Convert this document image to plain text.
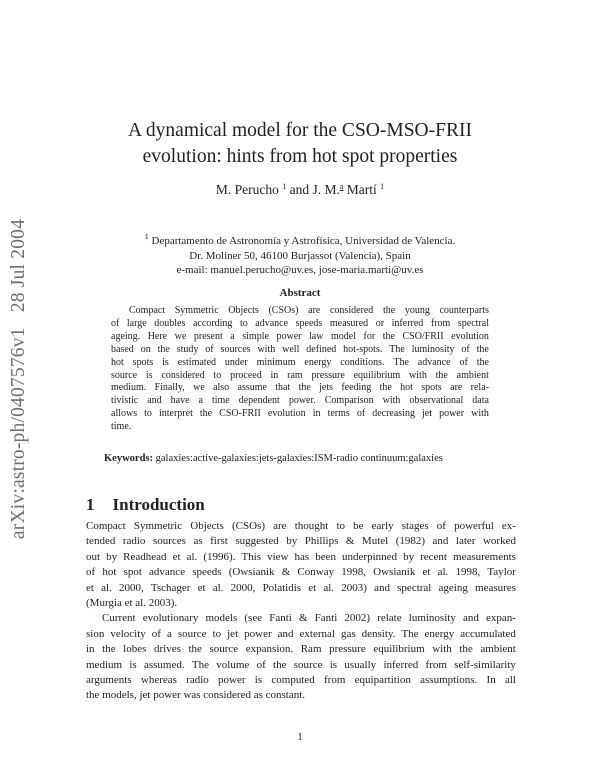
arXiv:astro-ph/0407576v1   28 Jul 2004
A dynamical model for the CSO-MSO-FRII
evolution: hints from hot spot properties
M. Perucho $^1$ and J. M.$^a$ Martí $^1$
$^1$ Departamento de Astronomía y Astrofísica, Universidad de Valencia.
Dr. Moliner 50, 46100 Burjassot (Valencia), Spain
e-mail: manuel.perucho@uv.es, jose-maria.marti@uv.es
Abstract
Compact Symmetric Objects (CSOs) are considered the young counterparts
of large doubles according to advance speeds measured or inferred from spectral
ageing. Here we present a simple power law model for the CSO/FRII evolution
based on the study of sources with well defined hot-spots. The luminosity of the
hot spots is estimated under minimum energy conditions. The advance of the
source is considered to proceed in ram pressure equilibrium with the ambient
medium. Finally, we also assume that the jets feeding the hot spots are rela-
tivistic and have a time dependent power. Comparison with observational data
allows to interpret the CSO-FRII evolution in terms of decreasing jet power with
time.
Keywords: galaxies:active-galaxies:jets-galaxies:ISM-radio continuum:galaxies
1 Introduction
Compact Symmetric Objects (CSOs) are thought to be early stages of powerful ex-
tended radio sources as first suggested by Phillips & Mutel (1982) and later worked
out by Readhead et al. (1996). This view has been underpinned by recent measurements
of hot spot advance speeds (Owsianik & Conway 1998, Owsianik et al. 1998, Taylor
et al. 2000, Tschager et al. 2000, Polatidis et al. 2003) and spectral ageing measures
(Murgia et al. 2003).
Current evolutionary models (see Fanti & Fanti 2002) relate luminosity and expan-
sion velocity of a source to jet power and external gas density. The energy accumulated
in the lobes drives the source expansion. Ram pressure equilibrium with the ambient
medium is assumed. The volume of the source is usually inferred from self-similarity
arguments whereas radio power is computed from equipartition assumptions. In all
the models, jet power was considered as constant.
1
